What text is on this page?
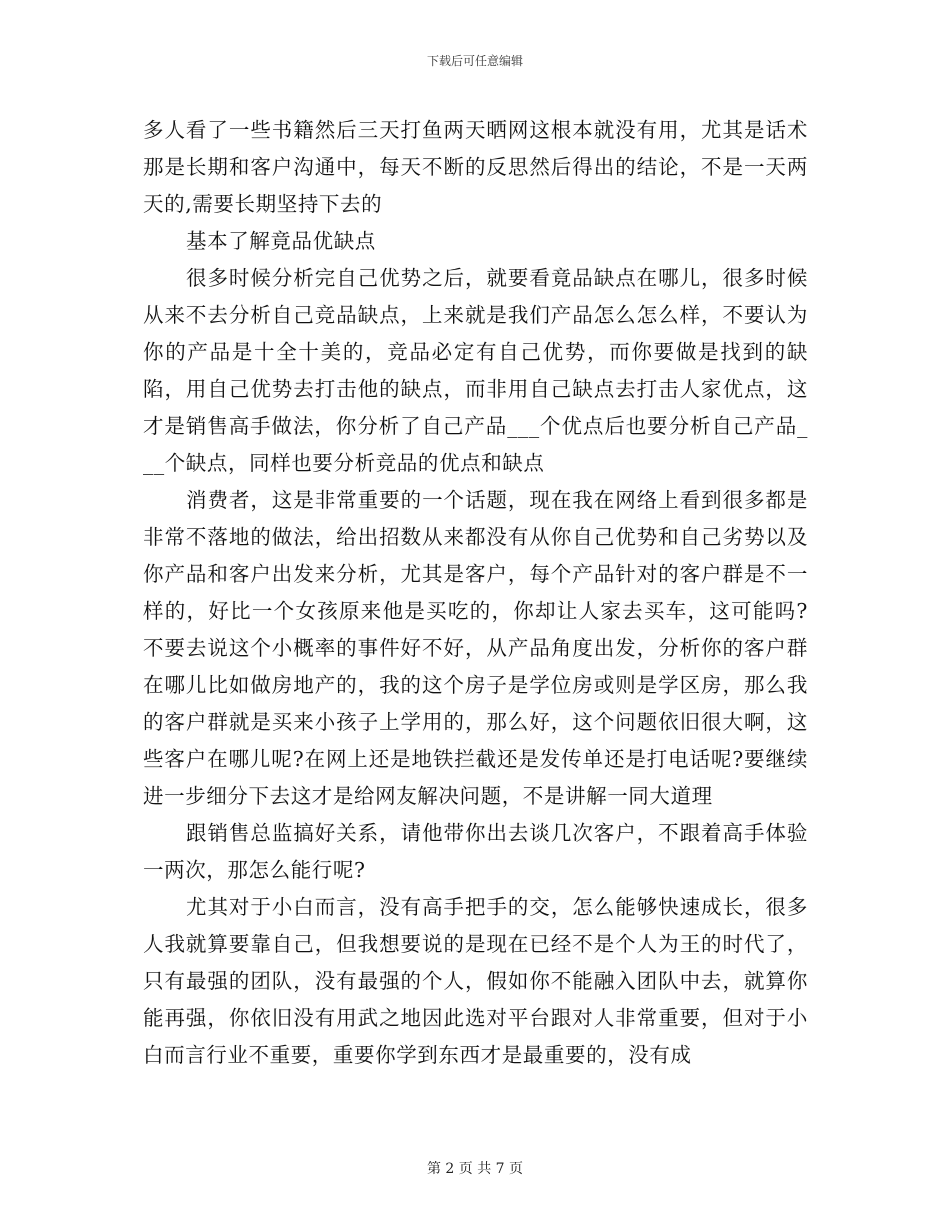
下载后可任意编辑

多人看了一些书籍然后三天打鱼两天晒网这根本就没有用，尤其是话术那是长期和客户沟通中，每天不断的反思然后得出的结论，不是一天两天的,需要长期坚持下去的

基本了解竟品优缺点

很多时候分析完自己优势之后，就要看竟品缺点在哪儿，很多时候从来不去分析自己竞品缺点，上来就是我们产品怎么怎么样，不要认为你的产品是十全十美的，竞品必定有自己优势，而你要做是找到的缺陷，用自己优势去打击他的缺点，而非用自己缺点去打击人家优点，这才是销售高手做法，你分析了自己产品___个优点后也要分析自己产品___个缺点，同样也要分析竞品的优点和缺点

消费者，这是非常重要的一个话题，现在我在网络上看到很多都是非常不落地的做法，给出招数从来都没有从你自己优势和自己劣势以及你产品和客户出发来分析，尤其是客户，每个产品针对的客户群是不一样的，好比一个女孩原来他是买吃的，你却让人家去买车，这可能吗?不要去说这个小概率的事件好不好，从产品角度出发，分析你的客户群在哪儿比如做房地产的，我的这个房子是学位房或则是学区房，那么我的客户群就是买来小孩子上学用的，那么好，这个问题依旧很大啊，这些客户在哪儿呢?在网上还是地铁拦截还是发传单还是打电话呢?要继续进一步细分下去这才是给网友解决问题，不是讲解一同大道理

跟销售总监搞好关系，请他带你出去谈几次客户，不跟着高手体验一两次，那怎么能行呢?

尤其对于小白而言，没有高手把手的交，怎么能够快速成长，很多人我就算要靠自己，但我想要说的是现在已经不是个人为王的时代了，只有最强的团队，没有最强的个人，假如你不能融入团队中去，就算你能再强，你依旧没有用武之地因此选对平台跟对人非常重要，但对于小白而言行业不重要，重要你学到东西才是最重要的，没有成

第 2 页 共 7 页
